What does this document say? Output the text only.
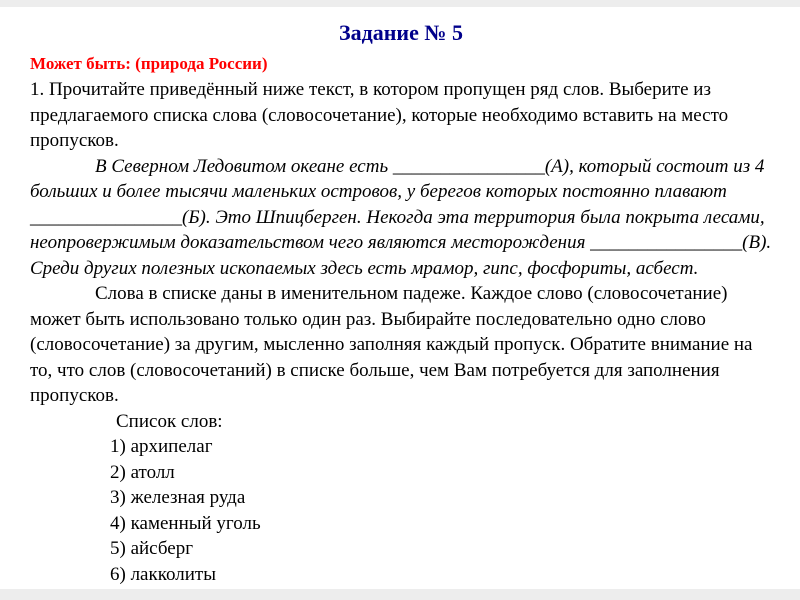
Задание № 5
Может быть: (природа России)

1. Прочитайте приведённый ниже текст, в котором пропущен ряд слов. Выберите из предлагаемого списка слова (словосочетание), которые необходимо вставить на место пропусков.

В Северном Ледовитом океане есть ________________(А), который состоит из 4 больших и более тысячи маленьких островов, у берегов которых постоянно плавают ________________(Б). Это Шпицберген. Некогда эта территория была покрыта лесами, неопровержимым доказательством чего являются месторождения ________________(В). Среди других полезных ископаемых здесь есть мрамор, гипс, фосфориты, асбест.

Слова в списке даны в именительном падеже. Каждое слово (словосочетание) может быть использовано только один раз. Выбирайте последовательно одно слово (словосочетание) за другим, мысленно заполняя каждый пропуск. Обратите внимание на то, что слов (словосочетаний) в списке больше, чем Вам потребуется для заполнения пропусков.

Список слов:
1) архипелаг
2) атолл
3) железная руда
4) каменный уголь
5) айсберг
6) лакколиты
